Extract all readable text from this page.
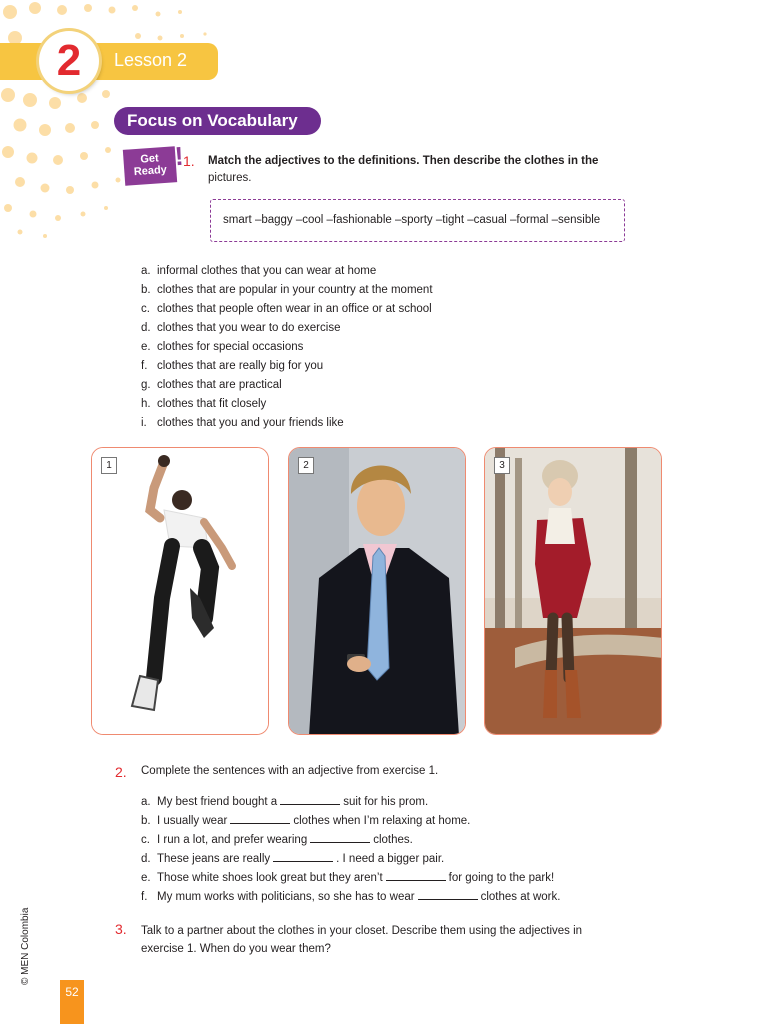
Lesson 2
2
Focus on Vocabulary
Get
Ready !
1. Match the adjectives to the definitions. Then describe the clothes in the
pictures.
smart –baggy –cool –fashionable –sporty –tight –casual –formal –sensible
a. informal clothes that you can wear at home
b. clothes that are popular in your country at the moment
c. clothes that people often wear in an office or at school
d. clothes that you wear to do exercise
e. clothes for special occasions
f. clothes that are really big for you
g. clothes that are practical
h. clothes that fit closely
i. clothes that you and your friends like
1	2	3
2. Complete the sentences with an adjective from exercise 1.
a. My best friend bought a	suit for his prom.
b. I usually wear	clothes when I’m relaxing at home.
c. I run a lot, and prefer wearing	clothes.
d. These jeans are really	. I need a bigger pair.
e. Those white shoes look great but they aren’t	for going to the park!
f. My mum works with politicians, so she has to wear	clothes at work.
3. Talk to a partner about the clothes in your closet. Describe them using the adjectives in exercise 1. When do you wear them?
© MEN Colombia
52
